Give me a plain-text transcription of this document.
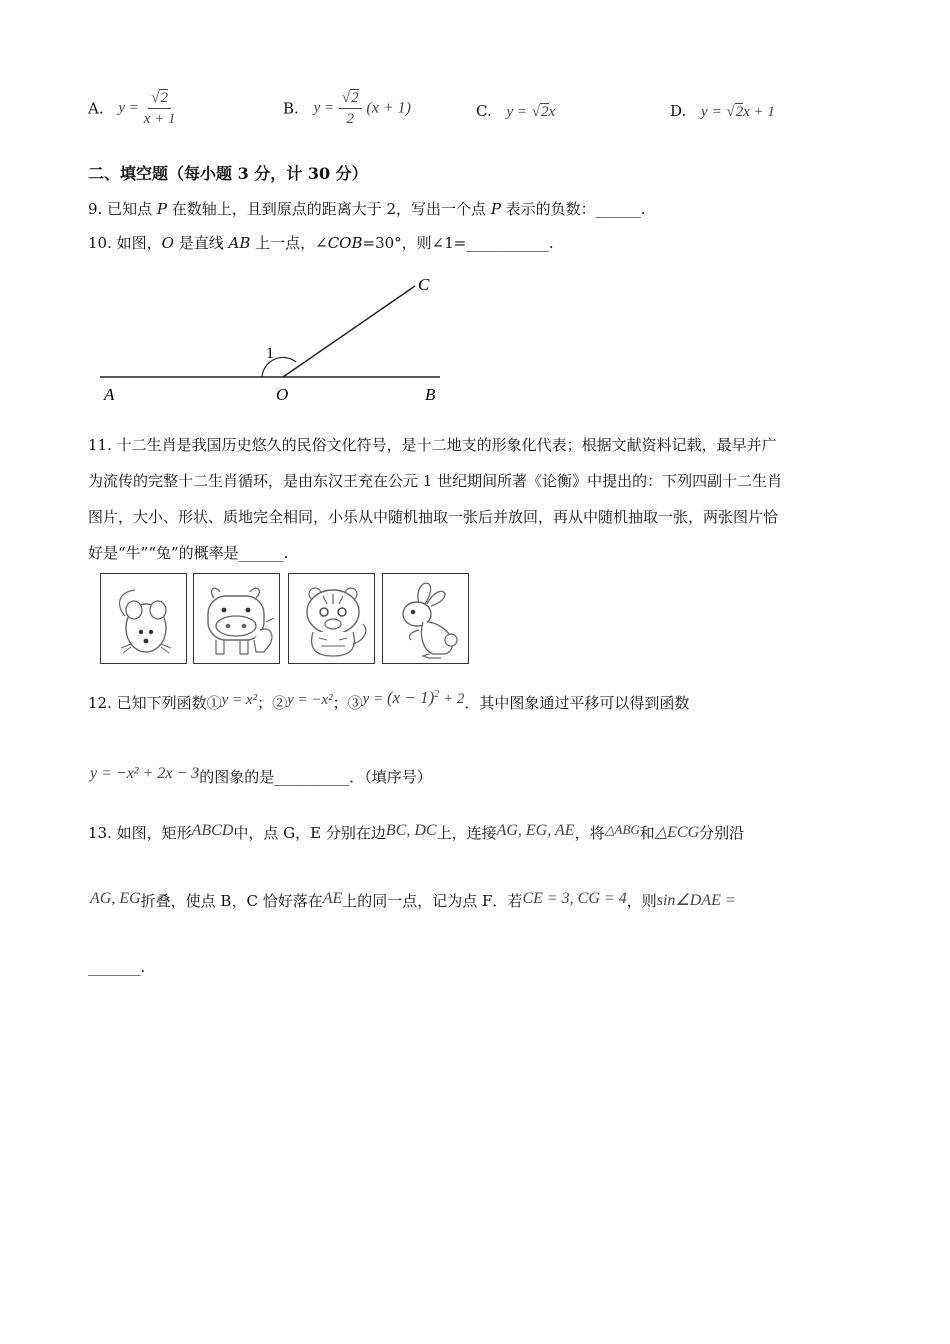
A. $y = \frac{√2}{x + 1}$	B. $y = \frac{√2}{2} (x + 1)$	C. y = √2x	D. y = √2x + 1
二、填空题（每小题 3 分，计 30 分）
9. 已知点 P 在数轴上，且到原点的距离大于 2，写出一个点 P 表示的负数：______.
10. 如图，O 是直线 AB 上一点，∠COB=30°，则∠1=___________.
A	O	B
C
1
11. 十二生肖是我国历史悠久的民俗文化符号，是十二地支的形象化代表；根据文献资料记载，最早并广
为流传的完整十二生肖循环，是由东汉王充在公元 1 世纪期间所著《论衡》中提出的：下列四副十二生肖
图片，大小、形状、质地完全相同，小乐从中随机抽取一张后并放回，再从中随机抽取一张，两张图片恰
好是“牛”“兔”的概率是______.
12. 已知下列函数①y = x²；②y = −x²；③y = $(x - 1)^2 + 2$．其中图象通过平移可以得到函数
y = −x² + 2x − 3的图象的是__________．（填序号）
13. 如图，矩形ABCD中，点 G，E 分别在边BC, DC上，连接AG, EG, AE，将△ABG和△ECG分别沿
AG, EG折叠，使点 B，C 恰好落在AE上的同一点，记为点 F．若CE = 3, CG = 4，则sin∠DAE =
_______.
